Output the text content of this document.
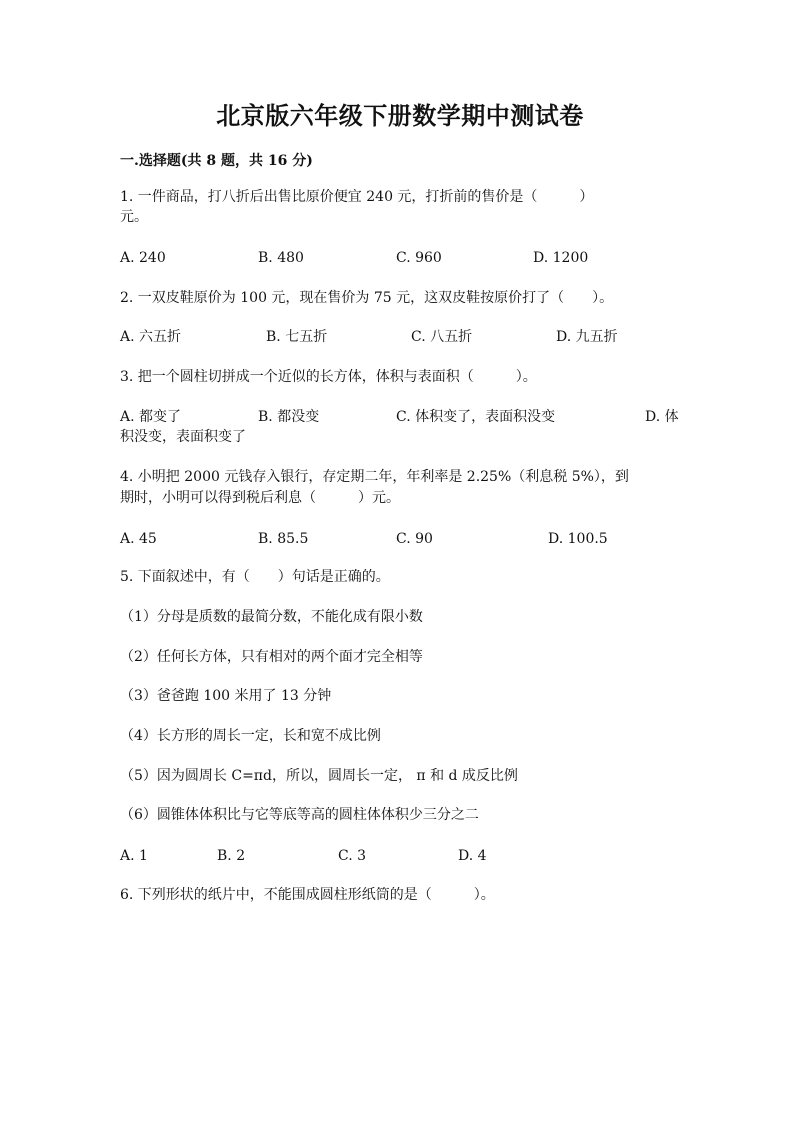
北京版六年级下册数学期中测试卷
一.选择题(共 8 题，共 16 分)
1. 一件商品，打八折后出售比原价便宜 240 元，打折前的售价是（　　　）
元。
A. 240	B. 480	C. 960	D. 1200
2. 一双皮鞋原价为 100 元，现在售价为 75 元，这双皮鞋按原价打了（　　）。
A. 六五折	B. 七五折	C. 八五折	D. 九五折
3. 把一个圆柱切拼成一个近似的长方体，体积与表面积（　　　）。
A. 都变了	B. 都没变	C. 体积变了，表面积没变	D. 体
积没变，表面积变了
4. 小明把 2000 元钱存入银行，存定期二年，年利率是 2.25%（利息税 5%），到
期时，小明可以得到税后利息（　　　）元。
A. 45	B. 85.5	C. 90	D. 100.5
5. 下面叙述中，有（　　）句话是正确的。
（1）分母是质数的最简分数，不能化成有限小数
（2）任何长方体，只有相对的两个面才完全相等
（3）爸爸跑 100 米用了 13 分钟
（4）长方形的周长一定，长和宽不成比例
（5）因为圆周长 C=πd，所以，圆周长一定， π 和 d 成反比例
（6）圆锥体体积比与它等底等高的圆柱体体积少三分之二
A. 1	B. 2	C. 3	D. 4
6. 下列形状的纸片中，不能围成圆柱形纸筒的是（　　　）。
